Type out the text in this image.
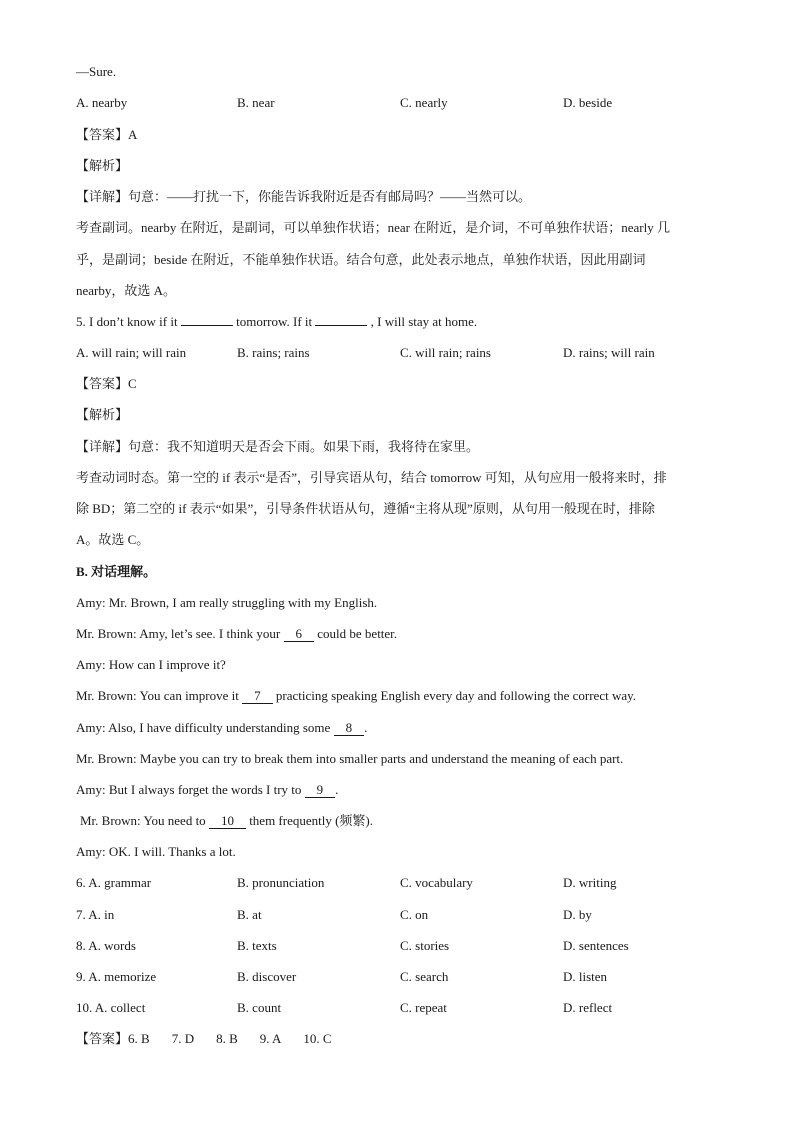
—Sure.
A. nearby	B. near	C. nearly	D. beside
【答案】A
【解析】
【详解】句意：——打扰一下，你能告诉我附近是否有邮局吗？——当然可以。
考查副词。nearby 在附近，是副词，可以单独作状语；near 在附近，是介词，不可单独作状语；nearly 几
乎，是副词；beside 在附近，不能单独作状语。结合句意，此处表示地点，单独作状语，因此用副词
nearby，故选 A。
5. I don’t know if it	tomorrow. If it	, I will stay at home.
A. will rain; will rain	B. rains; rains	C. will rain; rains	D. rains; will rain
【答案】C
【解析】
【详解】句意：我不知道明天是否会下雨。如果下雨，我将待在家里。
考查动词时态。第一空的 if 表示“是否”，引导宾语从句，结合 tomorrow 可知，从句应用一般将来时，排
除 BD；第二空的 if 表示“如果”，引导条件状语从句，遵循“主将从现”原则，从句用一般现在时，排除
A。故选 C。
B. 对话理解。
Amy: Mr. Brown, I am really struggling with my English.
Mr. Brown: Amy, let’s see. I think your 6 could be better.
Amy: How can I improve it?
Mr. Brown: You can improve it 7 practicing speaking English every day and following the correct way.
Amy: Also, I have difficulty understanding some 8 .
Mr. Brown: Maybe you can try to break them into smaller parts and understand the meaning of each part.
Amy: But I always forget the words I try to 9 .
Mr. Brown: You need to 10 them frequently (频繁).
Amy: OK. I will. Thanks a lot.
6. A. grammar	B. pronunciation	C. vocabulary	D. writing
7. A. in	B. at	C. on	D. by
8. A. words	B. texts	C. stories	D. sentences
9. A. memorize	B. discover	C. search	D. listen
10. A. collect	B. count	C. repeat	D. reflect
【答案】6. B 7. D 8. B 9. A 10. C
